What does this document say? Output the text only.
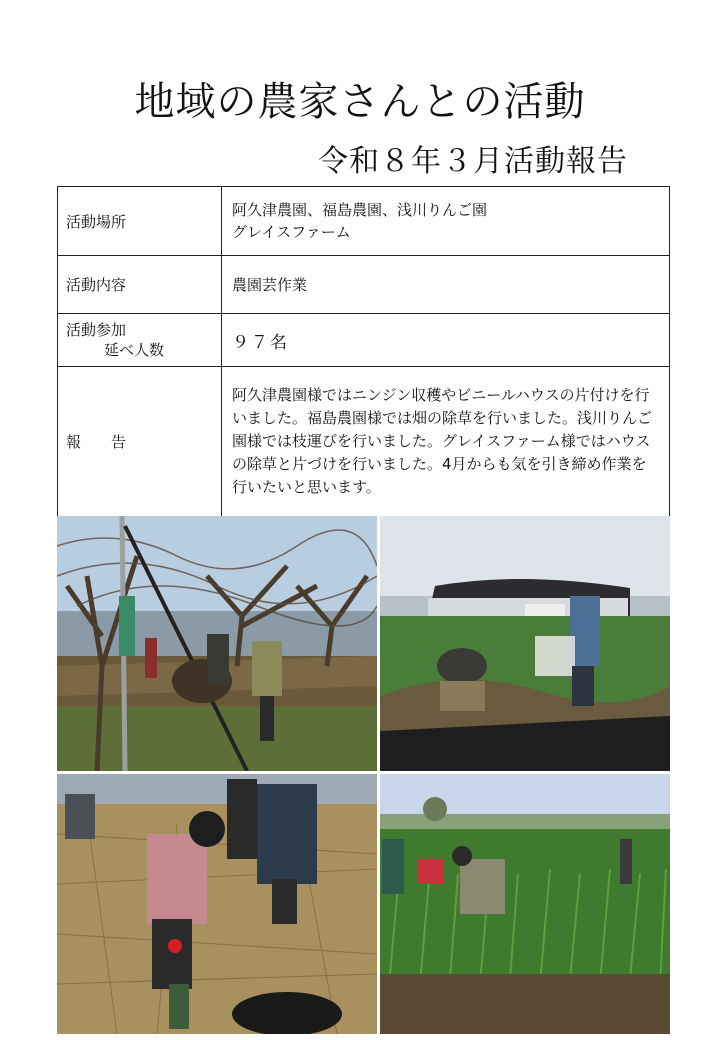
地域の農家さんとの活動
令和８年３月活動報告
活動場所	阿久津農園、福島農園、浅川りんご園
グレイスファーム

活動内容	農園芸作業

活動参加
延べ人数	９７名
報　　告	阿久津農園様ではニンジン収穫やビニールハウスの片付けを行いました。福島農園様では畑の除草を行いました。浅川りんご園様では枝運びを行いました。グレイスファーム様ではハウスの除草と片づけを行いました。4月からも気を引き締め作業を行いたいと思います。
